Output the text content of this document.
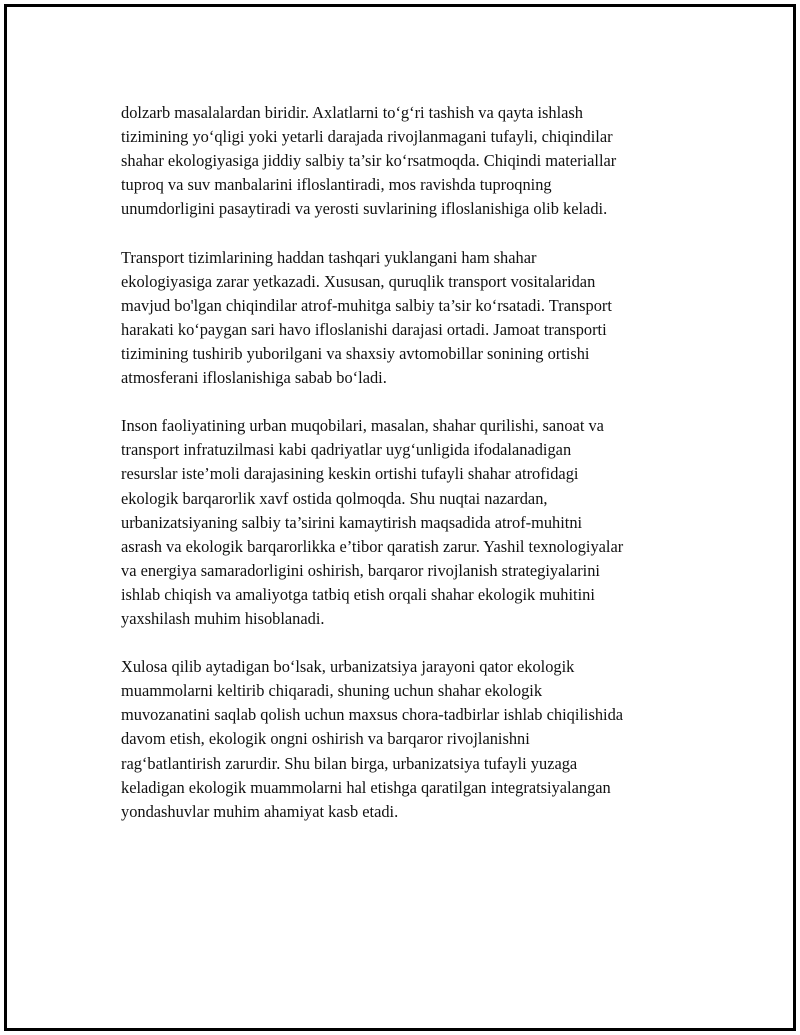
dolzarb masalalardan biridir. Axlatlarni to‘g‘ri tashish va qayta ishlash
tizimining yo‘qligi yoki yetarli darajada rivojlanmagani tufayli, chiqindilar
shahar ekologiyasiga jiddiy salbiy ta’sir ko‘rsatmoqda. Chiqindi materiallar
tuproq va suv manbalarini ifloslantiradi, mos ravishda tuproqning
unumdorligini pasaytiradi va yerosti suvlarining ifloslanishiga olib keladi.

Transport tizimlarining haddan tashqari yuklangani ham shahar
ekologiyasiga zarar yetkazadi. Xususan, quruqlik transport vositalaridan
mavjud bo'lgan chiqindilar atrof-muhitga salbiy ta’sir ko‘rsatadi. Transport
harakati ko‘paygan sari havo ifloslanishi darajasi ortadi. Jamoat transporti
tizimining tushirib yuborilgani va shaxsiy avtomobillar sonining ortishi
atmosferani ifloslanishiga sabab bo‘ladi.

Inson faoliyatining urban muqobilari, masalan, shahar qurilishi, sanoat va
transport infratuzilmasi kabi qadriyatlar uyg‘unligida ifodalanadigan
resurslar iste’moli darajasining keskin ortishi tufayli shahar atrofidagi
ekologik barqarorlik xavf ostida qolmoqda. Shu nuqtai nazardan,
urbanizatsiyaning salbiy ta’sirini kamaytirish maqsadida atrof-muhitni
asrash va ekologik barqarorlikka e’tibor qaratish zarur. Yashil texnologiyalar
va energiya samaradorligini oshirish, barqaror rivojlanish strategiyalarini
ishlab chiqish va amaliyotga tatbiq etish orqali shahar ekologik muhitini
yaxshilash muhim hisoblanadi.

Xulosa qilib aytadigan bo‘lsak, urbanizatsiya jarayoni qator ekologik
muammolarni keltirib chiqaradi, shuning uchun shahar ekologik
muvozanatini saqlab qolish uchun maxsus chora-tadbirlar ishlab chiqilishida
davom etish, ekologik ongni oshirish va barqaror rivojlanishni
rag‘batlantirish zarurdir. Shu bilan birga, urbanizatsiya tufayli yuzaga
keladigan ekologik muammolarni hal etishga qaratilgan integratsiyalangan
yondashuvlar muhim ahamiyat kasb etadi.
